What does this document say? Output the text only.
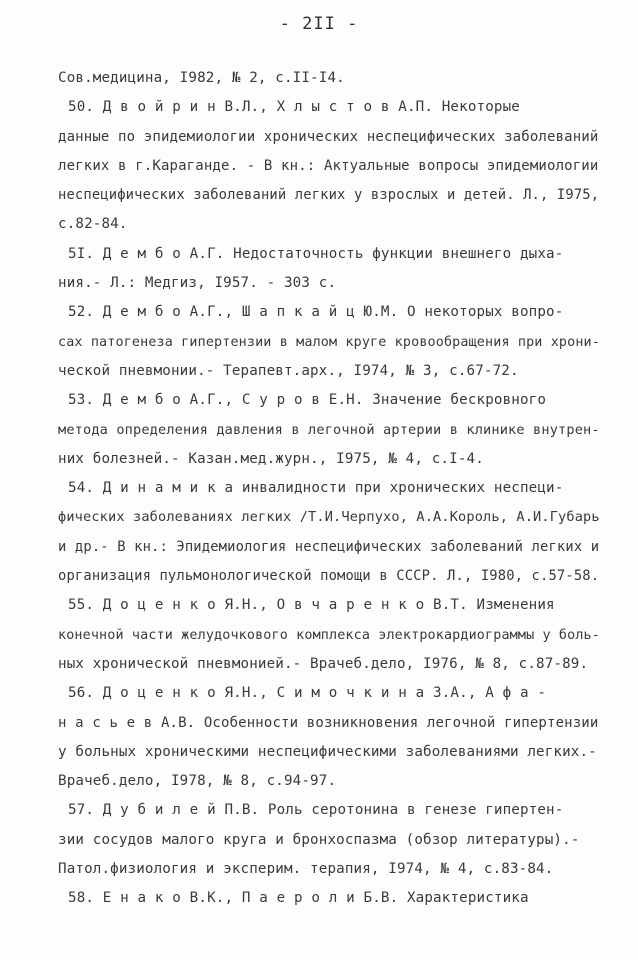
- 2II -
Сов.медицина, I982, № 2, с.II-I4.
50. Д в о й р и н В.Л., Х л ы с т о в А.П. Некоторые
данные по эпидемиологии хронических неспецифических заболеваний
легких в г.Караганде. - В кн.: Актуальные вопросы эпидемиологии
неспецифических заболеваний легких у взрослых и детей. Л., I975,
с.82-84.
5I. Д е м б о А.Г. Недостаточность функции внешнего дыха-
ния.- Л.: Медгиз, I957. - 303 с.
52. Д е м б о А.Г., Ш а п к а й ц Ю.М. О некоторых вопро-
сах патогенеза гипертензии в малом круге кровообращения при хрони-
ческой пневмонии.- Терапевт.арх., I974, № 3, с.67-72.
53. Д е м б о А.Г., С у р о в Е.Н. Значение бескровного
метода определения давления в легочной артерии в клинике внутрен-
них болезней.- Казан.мед.журн., I975, № 4, с.I-4.
54. Д и н а м и к а инвалидности при хронических неспеци-
фических заболеваниях легких /Т.И.Черпухо, А.А.Король, А.И.Губарь
и др.- В кн.: Эпидемиология неспецифических заболеваний легких и
организация пульмонологической помощи в СССР. Л., I980, с.57-58.
55. Д о ц е н к о Я.Н., О в ч а р е н к о В.Т. Изменения
конечной части желудочкового комплекса электрокардиограммы у боль-
ных хронической пневмонией.- Врачеб.дело, I976, № 8, с.87-89.
56. Д о ц е н к о Я.Н., С и м о ч к и н а З.А., А ф а -
н а с ь е в А.В. Особенности возникновения легочной гипертензии
у больных хроническими неспецифическими заболеваниями легких.-
Врачеб.дело, I978, № 8, с.94-97.
57. Д у б и л е й П.В. Роль серотонина в генезе гипертен-
зии сосудов малого круга и бронхоспазма (обзор литературы).-
Патол.физиология и эксперим. терапия, I974, № 4, с.83-84.
58. Е н а к о В.К., П а е р о л и Б.В. Характеристика
